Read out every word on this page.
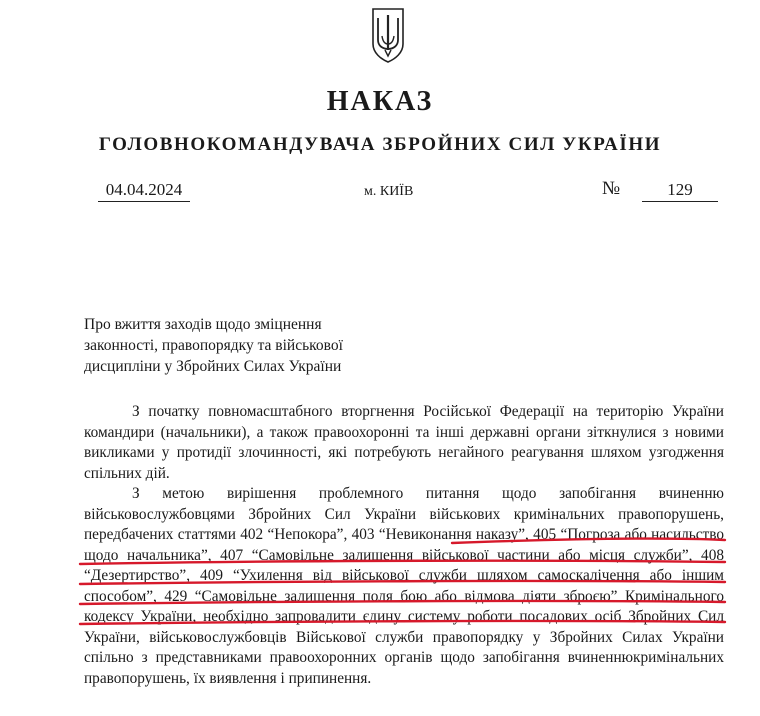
НАКАЗ
ГОЛОВНОКОМАНДУВАЧА ЗБРОЙНИХ СИЛ УКРАЇНИ
04.04.2024	м. КИЇВ	№	129
Про вжиття заходів щодо зміцнення
законності, правопорядку та військової
дисципліни у Збройних Силах України

З початку повномасштабного вторгнення Російської Федерації на територію України командири (начальники), а також правоохоронні та інші державні органи зіткнулися з новими викликами у протидії злочинності, які потребують негайного реагування шляхом узгодження спільних дій.

З метою вирішення проблемного питання щодо запобігання вчиненню військовослужбовцями Збройних Сил України військових кримінальних правопорушень, передбачених статтями 402 “Непокора”, 403 “Невиконання наказу”, 405 “Погроза або насильство щодо начальника”, 407 “Самовільне залишення військової частини або місця служби”, 408 “Дезертирство”, 409 “Ухилення від військової служби шляхом самоскалічення або іншим способом”, 429 “Самовільне залишення поля бою або відмова діяти зброєю” Кримінального кодексу України, необхідно запровадити єдину систему роботи посадових осіб Збройних Сил України, військовослужбовців Військової служби правопорядку у Збройних Силах України спільно з представниками правоохоронних органів щодо запобігання вчиненнюкримінальних правопорушень, їх виявлення і припинення.
